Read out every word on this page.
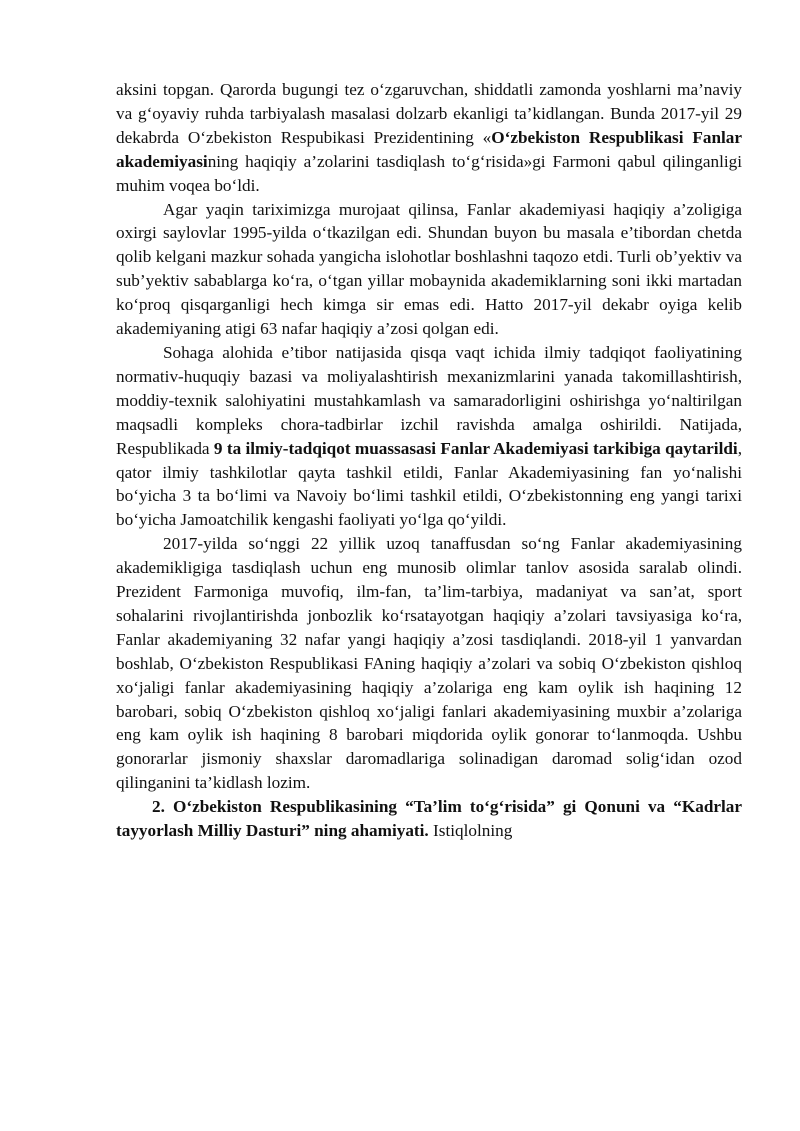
aksini topgan. Qarorda bugungi tez o‘zgaruvchan, shiddatli zamonda yoshlarni ma’naviy va g‘oyaviy ruhda tarbiyalash masalasi dolzarb ekanligi ta’kidlangan. Bunda 2017-yil 29 dekabrda O‘zbekiston Respubikasi Prezidentining «O‘zbekiston Respublikasi Fanlar akademiyasining haqiqiy a’zolarini tasdiqlash to‘g‘risida»gi Farmoni qabul qilinganligi muhim voqea bo‘ldi.

Agar yaqin tariximizga murojaat qilinsa, Fanlar akademiyasi haqiqiy a’zoligiga oxirgi saylovlar 1995-yilda o‘tkazilgan edi. Shundan buyon bu masala e’tibordan chetda qolib kelgani mazkur sohada yangicha islohotlar boshlashni taqozo etdi. Turli ob’yektiv va sub’yektiv sabablarga ko‘ra, o‘tgan yillar mobaynida akademiklarning soni ikki martadan ko‘proq qisqarganligi hech kimga sir emas edi. Hatto 2017-yil dekabr oyiga kelib akademiyaning atigi 63 nafar haqiqiy a’zosi qolgan edi.

Sohaga alohida e’tibor natijasida qisqa vaqt ichida ilmiy tadqiqot faoliyatining normativ-huquqiy bazasi va moliyalashtirish mexanizmlarini yanada takomillashtirish, moddiy-texnik salohiyatini mustahkamlash va samaradorligini oshirishga yo‘naltirilgan maqsadli kompleks chora-tadbirlar izchil ravishda amalga oshirildi. Natijada, Respublikada 9 ta ilmiy-tadqiqot muassasasi Fanlar Akademiyasi tarkibiga qaytarildi, qator ilmiy tashkilotlar qayta tashkil etildi, Fanlar Akademiyasining fan yo‘nalishi bo‘yicha 3 ta bo‘limi va Navoiy bo‘limi tashkil etildi, O‘zbekistonning eng yangi tarixi bo‘yicha Jamoatchilik kengashi faoliyati yo‘lga qo‘yildi.

2017-yilda so‘nggi 22 yillik uzoq tanaffusdan so‘ng Fanlar akademiyasining akademikligiga tasdiqlash uchun eng munosib olimlar tanlov asosida saralab olindi. Prezident Farmoniga muvofiq, ilm-fan, ta’lim-tarbiya, madaniyat va san’at, sport sohalarini rivojlantirishda jonbozlik ko‘rsatayotgan haqiqiy a’zolari tavsiyasiga ko‘ra, Fanlar akademiyaning 32 nafar yangi haqiqiy a’zosi tasdiqlandi. 2018-yil 1 yanvardan boshlab, O‘zbekiston Respublikasi FAning haqiqiy a’zolari va sobiq O‘zbekiston qishloq xo‘jaligi fanlar akademiyasining haqiqiy a’zolariga eng kam oylik ish haqining 12 barobari, sobiq O‘zbekiston qishloq xo‘jaligi fanlari akademiyasining muxbir a’zolariga eng kam oylik ish haqining 8 barobari miqdorida oylik gonorar to‘lanmoqda. Ushbu gonorarlar jismoniy shaxslar daromadlariga solinadigan daromad solig‘idan ozod qilinganini ta’kidlash lozim.

2. O‘zbekiston Respublikasining “Ta’lim to‘g‘risida” gi Qonuni va “Kadrlar tayyorlash Milliy Dasturi” ning ahamiyati. Istiqlolning
